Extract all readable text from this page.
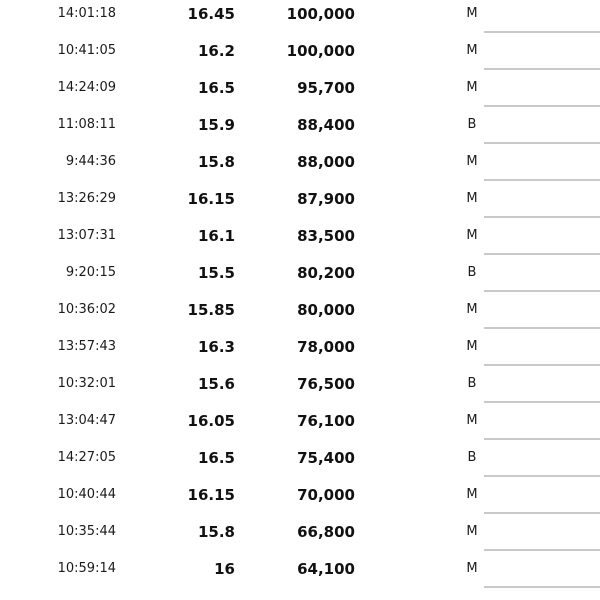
14:01:18	16.45	100,000	M
10:41:05	16.2	100,000	M
14:24:09	16.5	95,700	M
11:08:11	15.9	88,400	B
9:44:36	15.8	88,000	M
13:26:29	16.15	87,900	M
13:07:31	16.1	83,500	M
9:20:15	15.5	80,200	B
10:36:02	15.85	80,000	M
13:57:43	16.3	78,000	M
10:32:01	15.6	76,500	B
13:04:47	16.05	76,100	M
14:27:05	16.5	75,400	B
10:40:44	16.15	70,000	M
10:35:44	15.8	66,800	M
10:59:14	16	64,100	M
